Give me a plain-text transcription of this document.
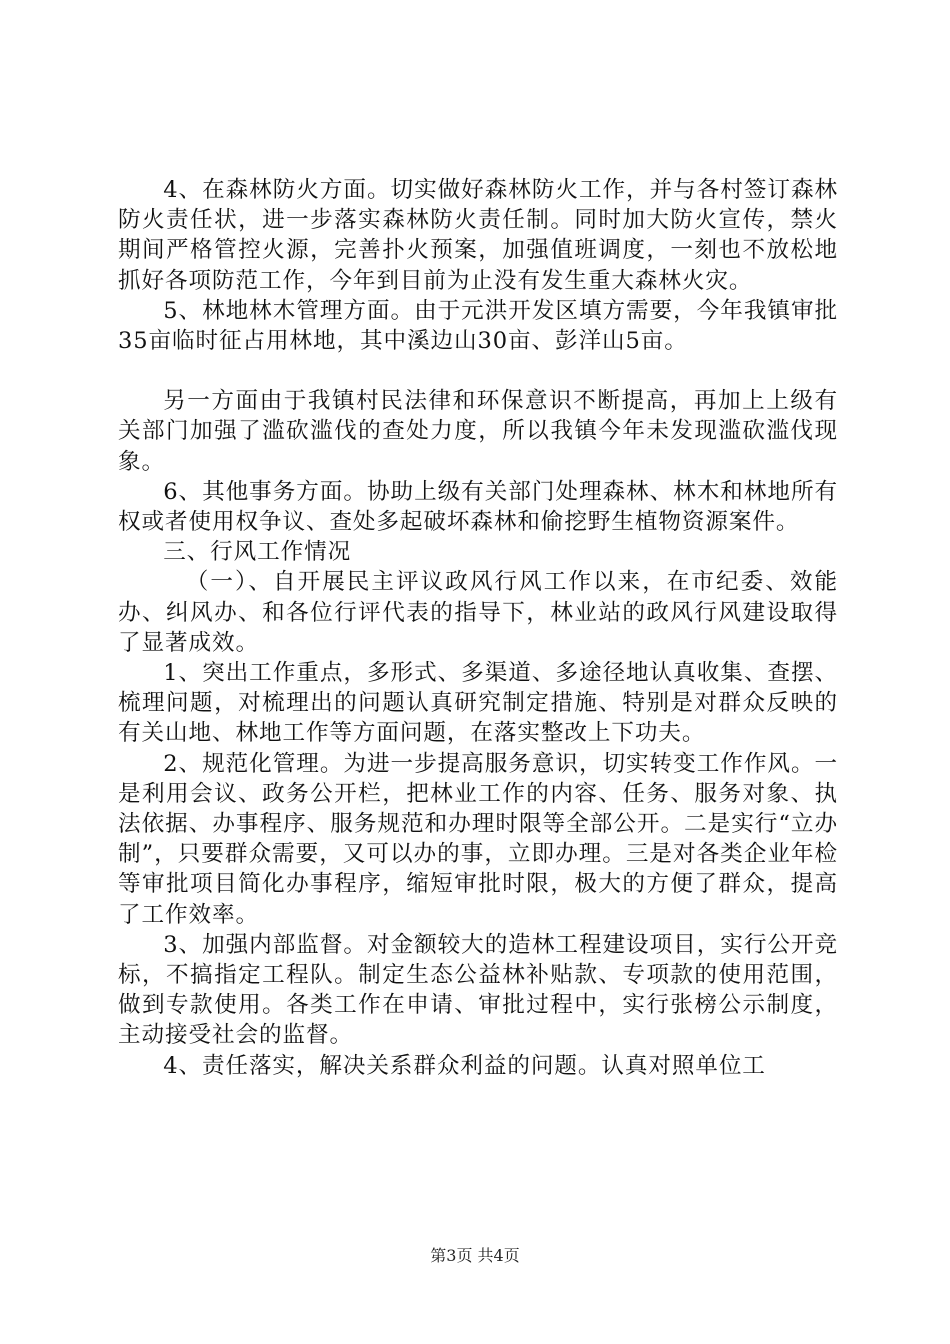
4、在森林防火方面。切实做好森林防火工作，并与各村签订森林防火责任状，进一步落实森林防火责任制。同时加大防火宣传，禁火期间严格管控火源，完善扑火预案，加强值班调度，一刻也不放松地抓好各项防范工作，今年到目前为止没有发生重大森林火灾。

5、林地林木管理方面。由于元洪开发区填方需要，今年我镇审批35亩临时征占用林地，其中溪边山30亩、彭洋山5亩。

另一方面由于我镇村民法律和环保意识不断提高，再加上上级有关部门加强了滥砍滥伐的查处力度，所以我镇今年未发现滥砍滥伐现象。

6、其他事务方面。协助上级有关部门处理森林、林木和林地所有权或者使用权争议、查处多起破坏森林和偷挖野生植物资源案件。

三、行风工作情况

（一）、自开展民主评议政风行风工作以来，在市纪委、效能办、纠风办、和各位行评代表的指导下，林业站的政风行风建设取得了显著成效。

1、突出工作重点，多形式、多渠道、多途径地认真收集、查摆、梳理问题，对梳理出的问题认真研究制定措施、特别是对群众反映的有关山地、林地工作等方面问题，在落实整改上下功夫。

2、规范化管理。为进一步提高服务意识，切实转变工作作风。一是利用会议、政务公开栏，把林业工作的内容、任务、服务对象、执法依据、办事程序、服务规范和办理时限等全部公开。二是实行“立办制”，只要群众需要，又可以办的事，立即办理。三是对各类企业年检等审批项目简化办事程序，缩短审批时限，极大的方便了群众，提高了工作效率。

3、加强内部监督。对金额较大的造林工程建设项目，实行公开竞标，不搞指定工程队。制定生态公益林补贴款、专项款的使用范围，做到专款使用。各类工作在申请、审批过程中，实行张榜公示制度，主动接受社会的监督。

4、责任落实，解决关系群众利益的问题。认真对照单位工

第3页 共4页
